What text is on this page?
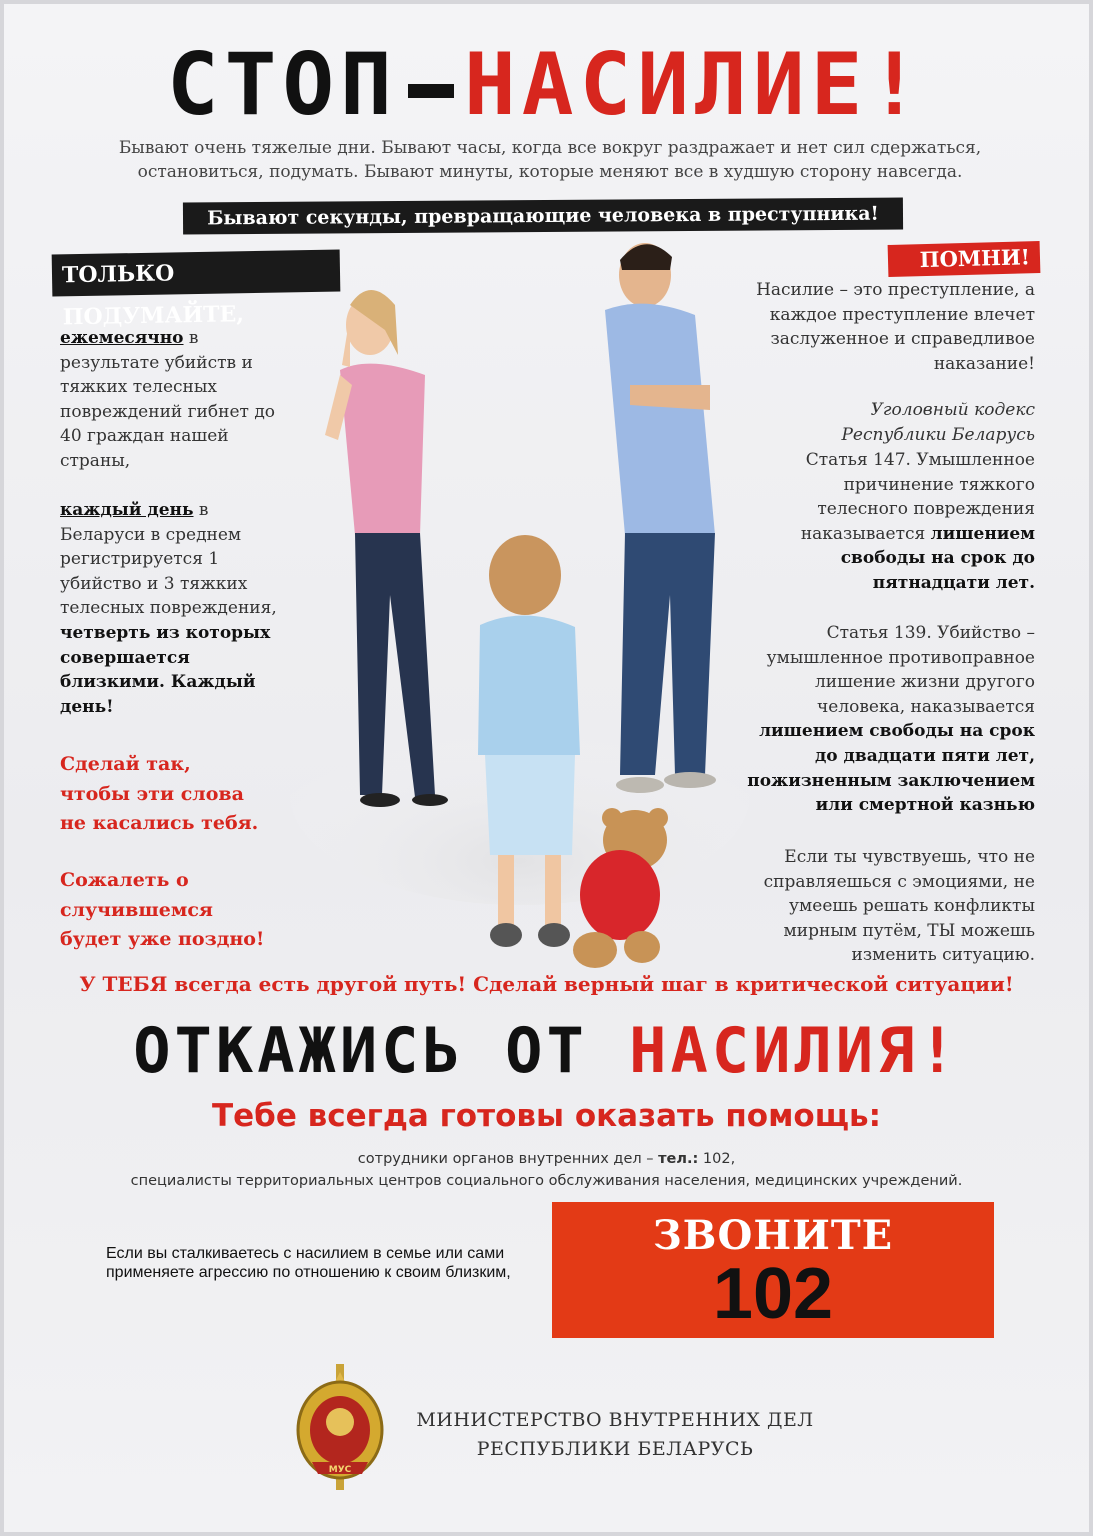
СТОП НАСИЛИЕ!
Бывают очень тяжелые дни. Бывают часы, когда все вокруг раздражает и нет сил сдержаться,
остановиться, подумать. Бывают минуты, которые меняют все в худшую сторону навсегда.
Бывают секунды, превращающие человека в преступника!
ТОЛЬКО ПОДУМАЙТЕ,
ПОМНИ!
ежемесячно в результате убийств и тяжких телесных повреждений гибнет до 40 граждан нашей страны,
каждый день в Беларуси в среднем регистрируется 1 убийство и 3 тяжких телесных повреждения,
четверть из которых совершается близкими. Каждый день!
Сделай так, чтобы эти слова не касались тебя.
Сожалеть о случившемся будет уже поздно!
Насилие – это преступление, а каждое преступление влечет заслуженное и справедливое наказание!
Уголовный кодекс
Республики Беларусь
Статья 147. Умышленное причинение тяжкого телесного повреждения наказывается лишением свободы на срок до пятнадцати лет.
Статья 139. Убийство – умышленное противоправное лишение жизни другого человека, наказывается лишением свободы на срок до двадцати пяти лет, пожизненным заключением или смертной казнью
Если ты чувствуешь, что не справляешься с эмоциями, не умеешь решать конфликты мирным путём, ТЫ можешь изменить ситуацию.
У ТЕБЯ всегда есть другой путь! Сделай верный шаг в критической ситуации!
ОТКАЖИСЬ ОТ НАСИЛИЯ!
Тебе всегда готовы оказать помощь:
сотрудники органов внутренних дел – тел.: 102,
специалисты территориальных центров социального обслуживания населения, медицинских учреждений.
Если вы сталкиваетесь с насилием в семье или сами применяете агрессию по отношению к своим близким,
ЗВОНИТЕ
102
МУС
МИНИСТЕРСТВО ВНУТРЕННИХ ДЕЛ
РЕСПУБЛИКИ БЕЛАРУСЬ
